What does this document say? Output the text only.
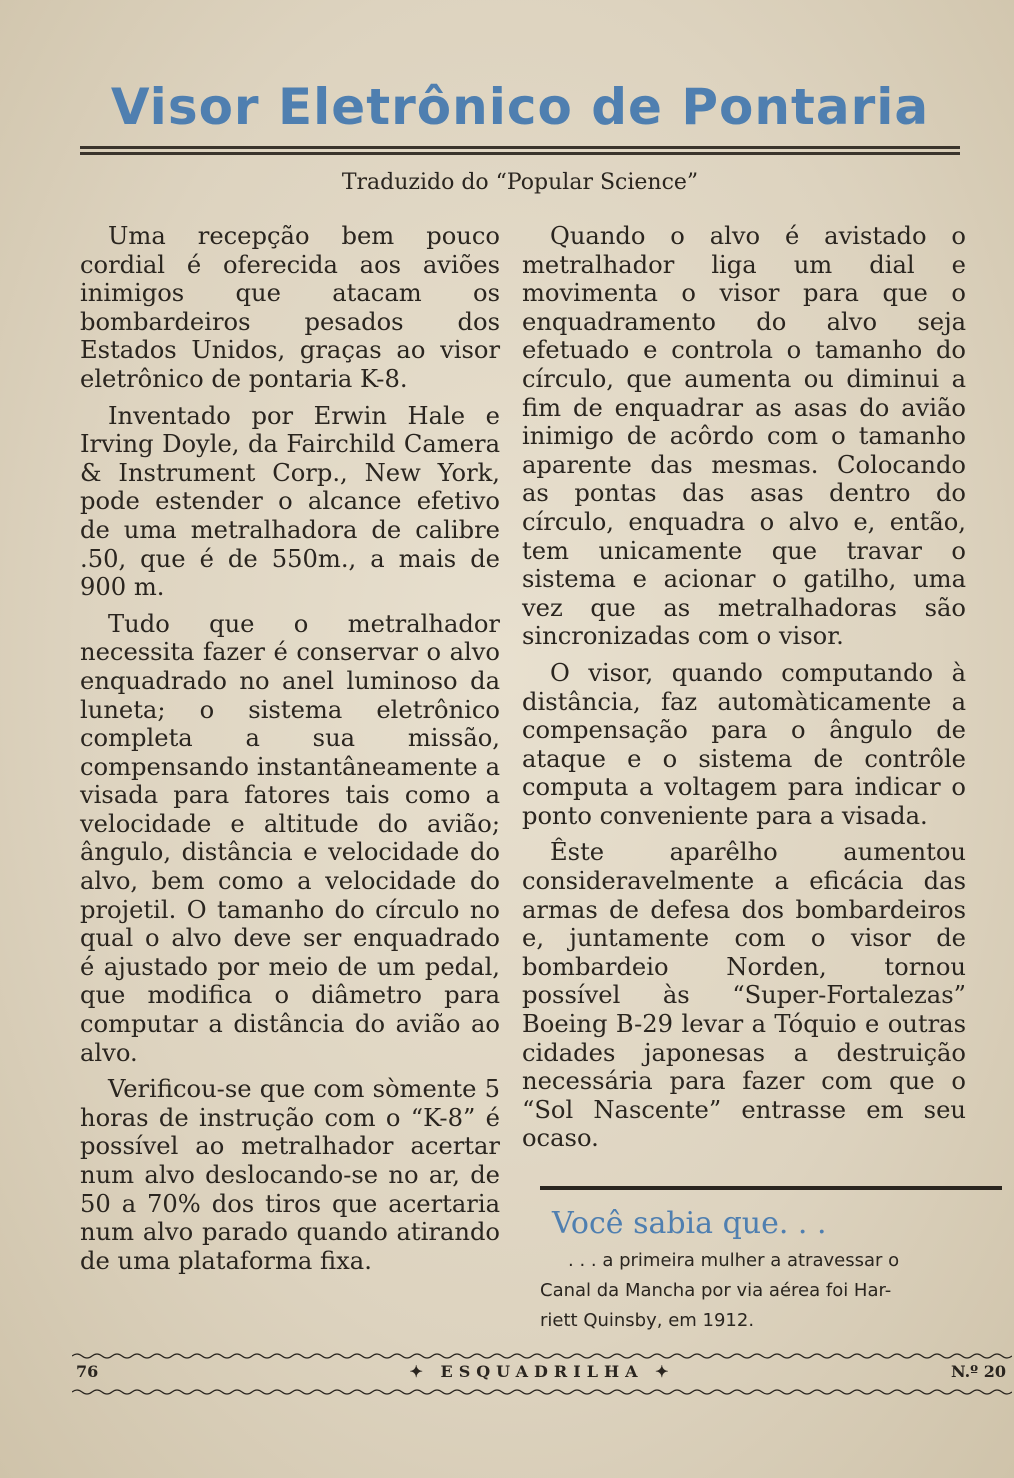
Visor Eletrônico de Pontaria
Traduzido do “Popular Science”

Uma recepção bem pouco cordial é oferecida aos aviões inimigos que atacam os bombardeiros pesados dos Estados Unidos, graças ao visor eletrônico de pontaria K-8.

Inventado por Erwin Hale e Irving Doyle, da Fairchild Camera & Instrument Corp., New York, pode estender o alcance efetivo de uma metralhadora de calibre .50, que é de 550m., a mais de 900 m.

Tudo que o metralhador necessita fazer é conservar o alvo enquadrado no anel luminoso da luneta; o sistema eletrônico completa a sua missão, compensando instantâneamente a visada para fatores tais como a velocidade e altitude do avião; ângulo, distância e velocidade do alvo, bem como a velocidade do projetil. O tamanho do círculo no qual o alvo deve ser enquadrado é ajustado por meio de um pedal, que modifica o diâmetro para computar a distância do avião ao alvo.

Verificou-se que com sòmente 5 horas de instrução com o “K-8” é possível ao metralhador acertar num alvo deslocando-se no ar, de 50 a 70% dos tiros que acertaria num alvo parado quando atirando de uma plataforma fixa.

Quando o alvo é avistado o metralhador liga um dial e movimenta o visor para que o enquadramento do alvo seja efetuado e controla o tamanho do círculo, que aumenta ou diminui a fim de enquadrar as asas do avião inimigo de acôrdo com o tamanho aparente das mesmas. Colocando as pontas das asas dentro do círculo, enquadra o alvo e, então, tem unicamente que travar o sistema e acionar o gatilho, uma vez que as metralhadoras são sincronizadas com o visor.

O visor, quando computando à distância, faz automàticamente a compensação para o ângulo de ataque e o sistema de contrôle computa a voltagem para indicar o ponto conveniente para a visada.

Êste aparêlho aumentou consideravelmente a eficácia das armas de defesa dos bombardeiros e, juntamente com o visor de bombardeio Norden, tornou possível às “Super-Fortalezas” Boeing B-29 levar a Tóquio e outras cidades japonesas a destruição necessária para fazer com que o “Sol Nascente” entrasse em seu ocaso.

Você sabia que. . .
. . . a primeira mulher a atravessar o
Canal da Mancha por via aérea foi Har-
riett Quinsby, em 1912.
76	✦ ESQUADRILHA ✦	N.º 20
